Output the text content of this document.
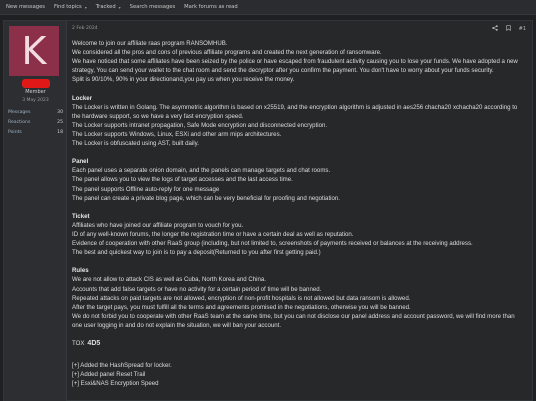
New messages Find topics ▾ Tracked ▾ Search messages Mark forums as read
K
Member
3 May 2023
Messages	30
Reactions	25
Points	18
2 Feb 2024	#1

Welcome to join our affiliate raas program RANSOMHUB.

We considered all the pros and cons of previous affiliate programs and created the next generation of ransomware.

We have noticed that some affiliates have been seized by the police or have escaped from fraudulent activity causing you to lose your funds. We have adopted a new strategy, You can send your wallet to the chat room and send the decryptor after you confirm the payment. You don't have to worry about your funds security.

Split is 90/10%, 90% in your directionand,you pay us when you receive the money.

Locker

The Locker is written in Golang. The asymmetric algorithm is based on x25519, and the encryption algorithm is adjusted in aes256 chacha20 xchacha20 according to the hardware support, so we have a very fast encryption speed.

The Locker supports intranet propagation, Safe Mode encryption and disconnected encryption.

The Locker supports Windows, Linux, ESXi and other arm mips architectures.

The Locker is obfuscated using AST, built daily.

Panel

Each panel uses a separate onion domain, and the panels can manage targets and chat rooms.

The panel allows you to view the logs of target accesses and the last access time.

The panel supports Offline auto-reply for one message

The panel can create a private blog page, which can be very beneficial for proofing and negotiation.

Ticket

Affiliates who have joined our affiliate program to vouch for you.

ID of any well-known forums, the longer the registration time or have a certain deal as well as reputation.

Evidence of cooperation with other RaaS group (including, but not limited to, screenshots of payments received or balances at the receiving address.

The best and quickest way to join is to pay a deposit(Returned to you after first getting paid.)

Rules

We are not allow to attack CIS as well as Cuba, North Korea and China.

Accounts that add false targets or have no activity for a certain period of time will be banned.

Repeated attacks on paid targets are not allowed, encryption of non-profit hospitals is not allowed but data ransom is allowed.

After the target pays, you must fulfill all the terms and agreements promised in the negotiations, otherwise you will be banned.

We do not forbid you to cooperate with other RaaS team at the same time, but you can not disclose our panel address and account password, we will find more than one user logging in and do not explain the situation, we will ban your account.

TOX 4D5

[+] Added the HashSpread for locker.

[+] Added panel Reset Trail

[+] Esxi&NAS Encryption Speed
